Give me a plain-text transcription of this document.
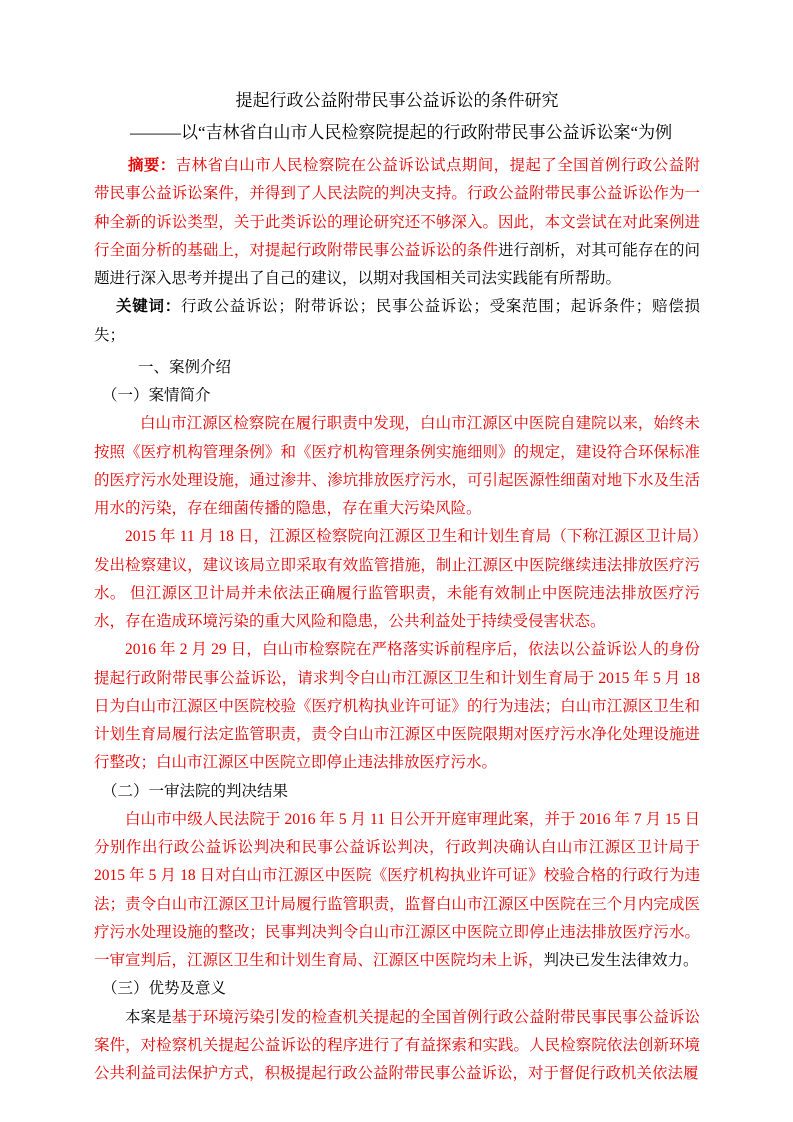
提起行政公益附带民事公益诉讼的条件研究
———以“吉林省白山市人民检察院提起的行政附带民事公益诉讼案“为例
摘要：吉林省白山市人民检察院在公益诉讼试点期间，提起了全国首例行政公益附带民事公益诉讼案件，并得到了人民法院的判决支持。行政公益附带民事公益诉讼作为一种全新的诉讼类型，关于此类诉讼的理论研究还不够深入。因此，本文尝试在对此案例进行全面分析的基础上，对提起行政附带民事公益诉讼的条件进行剖析，对其可能存在的问题进行深入思考并提出了自己的建议，以期对我国相关司法实践能有所帮助。
关键词：行政公益诉讼；附带诉讼；民事公益诉讼；受案范围；起诉条件；赔偿损失；
一、案例介绍
（一）案情简介
白山市江源区检察院在履行职责中发现，白山市江源区中医院自建院以来，始终未按照《医疗机构管理条例》和《医疗机构管理条例实施细则》的规定，建设符合环保标准的医疗污水处理设施，通过渗井、渗坑排放医疗污水，可引起医源性细菌对地下水及生活用水的污染，存在细菌传播的隐患，存在重大污染风险。
2015 年 11 月 18 日，江源区检察院向江源区卫生和计划生育局（下称江源区卫计局）发出检察建议，建议该局立即采取有效监管措施，制止江源区中医院继续违法排放医疗污水。 但江源区卫计局并未依法正确履行监管职责，未能有效制止中医院违法排放医疗污水，存在造成环境污染的重大风险和隐患，公共利益处于持续受侵害状态。
2016 年 2 月 29 日，白山市检察院在严格落实诉前程序后，依法以公益诉讼人的身份提起行政附带民事公益诉讼，请求判令白山市江源区卫生和计划生育局于 2015 年 5 月 18 日为白山市江源区中医院校验《医疗机构执业许可证》的行为违法；白山市江源区卫生和计划生育局履行法定监管职责，责令白山市江源区中医院限期对医疗污水净化处理设施进行整改；白山市江源区中医院立即停止违法排放医疗污水。
（二）一审法院的判决结果
白山市中级人民法院于 2016 年 5 月 11 日公开开庭审理此案，并于 2016 年 7 月 15 日分别作出行政公益诉讼判决和民事公益诉讼判决，行政判决确认白山市江源区卫计局于 2015 年 5 月 18 日对白山市江源区中医院《医疗机构执业许可证》校验合格的行政行为违法；责令白山市江源区卫计局履行监管职责，监督白山市江源区中医院在三个月内完成医疗污水处理设施的整改；民事判决判令白山市江源区中医院立即停止违法排放医疗污水。一审宣判后，江源区卫生和计划生育局、江源区中医院均未上诉，判决已发生法律效力。
（三）优势及意义
本案是基于环境污染引发的检查机关提起的全国首例行政公益附带民事民事公益诉讼案件，对检察机关提起公益诉讼的程序进行了有益探索和实践。人民检察院依法创新环境公共利益司法保护方式，积极提起行政公益附带民事公益诉讼，对于督促行政机关依法履
